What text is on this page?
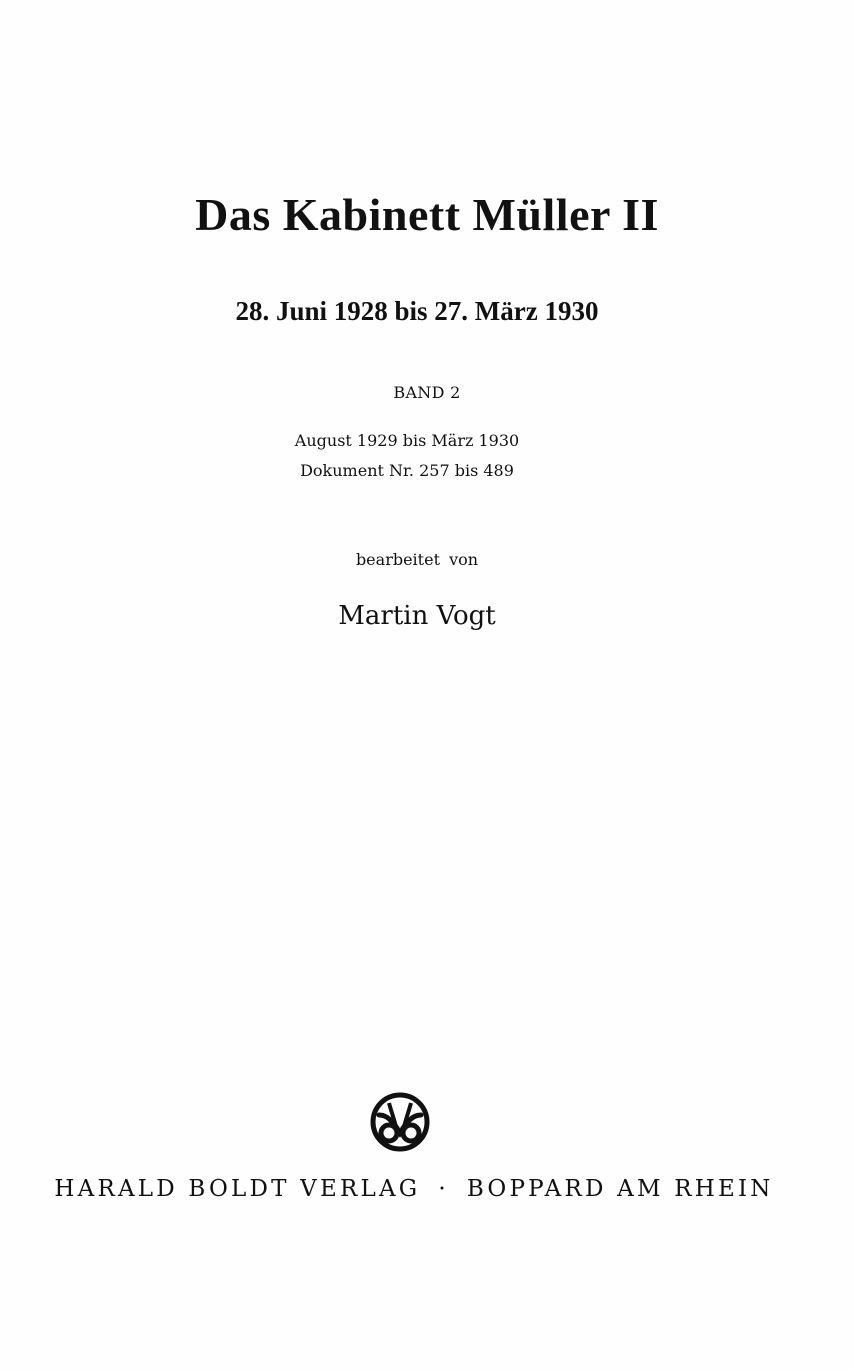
Das Kabinett Müller II
28. Juni 1928 bis 27. März 1930
BAND 2
August 1929 bis März 1930
Dokument Nr. 257 bis 489
bearbeitet von
Martin Vogt
HARALD BOLDT VERLAG · BOPPARD AM RHEIN
